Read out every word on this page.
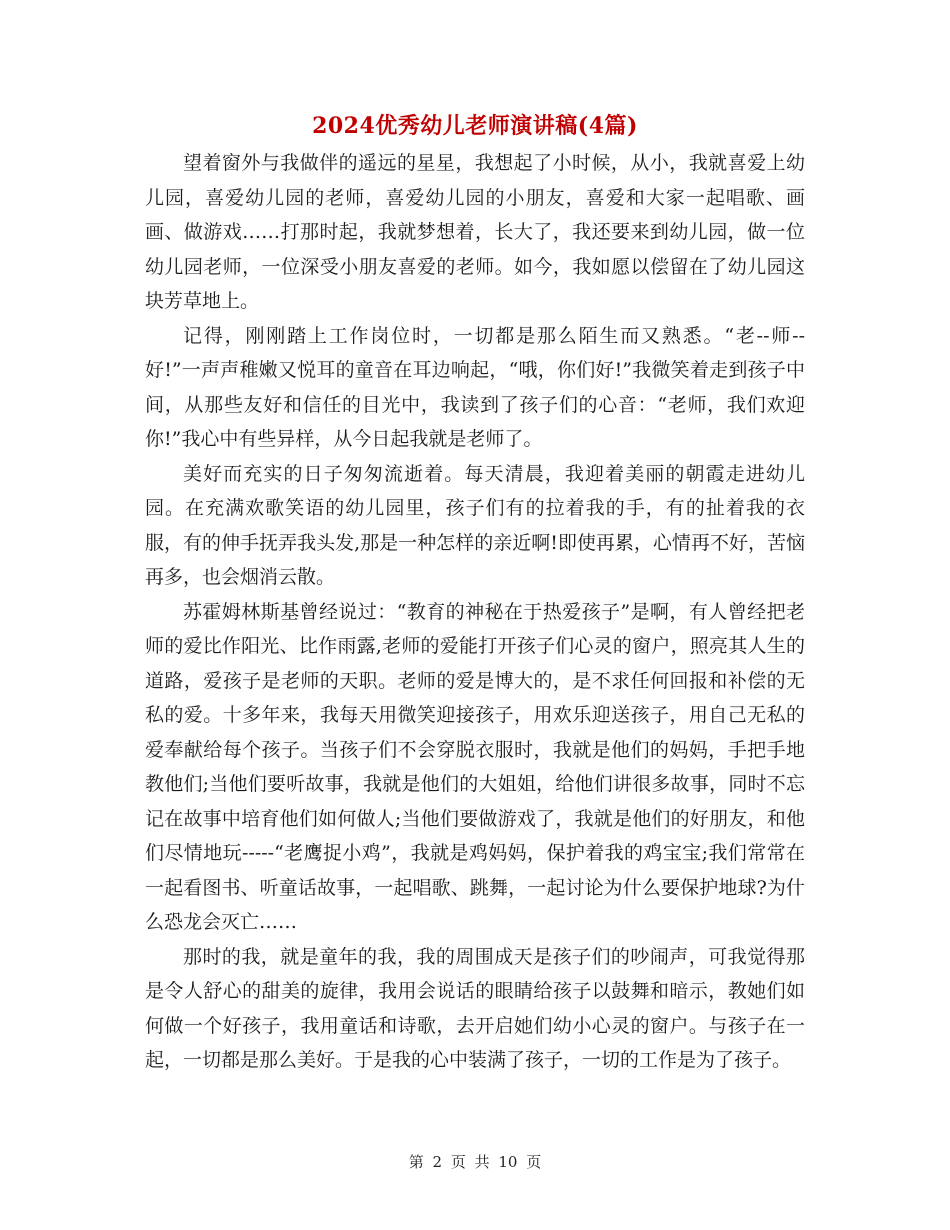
2024优秀幼儿老师演讲稿(4篇)

望着窗外与我做伴的遥远的星星，我想起了小时候，从小，我就喜爱上幼儿园，喜爱幼儿园的老师，喜爱幼儿园的小朋友，喜爱和大家一起唱歌、画画、做游戏……打那时起，我就梦想着，长大了，我还要来到幼儿园，做一位幼儿园老师，一位深受小朋友喜爱的老师。如今，我如愿以偿留在了幼儿园这块芳草地上。

记得，刚刚踏上工作岗位时，一切都是那么陌生而又熟悉。“老--师--好!”一声声稚嫩又悦耳的童音在耳边响起，“哦，你们好!”我微笑着走到孩子中间，从那些友好和信任的目光中，我读到了孩子们的心音：“老师，我们欢迎你!”我心中有些异样，从今日起我就是老师了。

美好而充实的日子匆匆流逝着。每天清晨，我迎着美丽的朝霞走进幼儿园。在充满欢歌笑语的幼儿园里，孩子们有的拉着我的手，有的扯着我的衣服，有的伸手抚弄我头发,那是一种怎样的亲近啊!即使再累，心情再不好，苦恼再多，也会烟消云散。

苏霍姆林斯基曾经说过：“教育的神秘在于热爱孩子”是啊，有人曾经把老师的爱比作阳光、比作雨露,老师的爱能打开孩子们心灵的窗户，照亮其人生的道路，爱孩子是老师的天职。老师的爱是博大的，是不求任何回报和补偿的无私的爱。十多年来，我每天用微笑迎接孩子，用欢乐迎送孩子，用自己无私的爱奉献给每个孩子。当孩子们不会穿脱衣服时，我就是他们的妈妈，手把手地教他们;当他们要听故事，我就是他们的大姐姐，给他们讲很多故事，同时不忘记在故事中培育他们如何做人;当他们要做游戏了，我就是他们的好朋友，和他们尽情地玩-----“老鹰捉小鸡”，我就是鸡妈妈，保护着我的鸡宝宝;我们常常在一起看图书、听童话故事，一起唱歌、跳舞，一起讨论为什么要保护地球?为什么恐龙会灭亡……

那时的我，就是童年的我，我的周围成天是孩子们的吵闹声，可我觉得那是令人舒心的甜美的旋律，我用会说话的眼睛给孩子以鼓舞和暗示，教她们如何做一个好孩子，我用童话和诗歌，去开启她们幼小心灵的窗户。与孩子在一起，一切都是那么美好。于是我的心中装满了孩子，一切的工作是为了孩子。

第 2 页 共 10 页
